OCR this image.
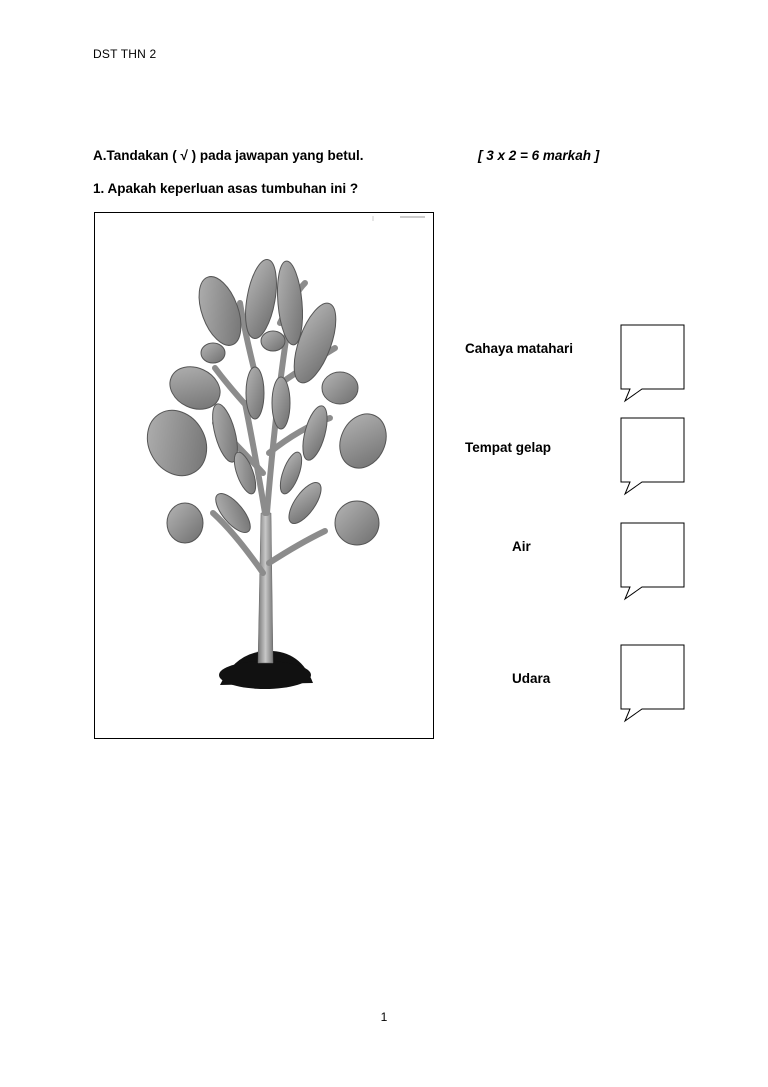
DST THN 2
A.Tandakan ( √ ) pada jawapan yang betul.	[ 3 x 2 = 6 markah ]
1. Apakah keperluan asas tumbuhan ini ?
Cahaya matahari
Tempat gelap
Air
Udara
1
